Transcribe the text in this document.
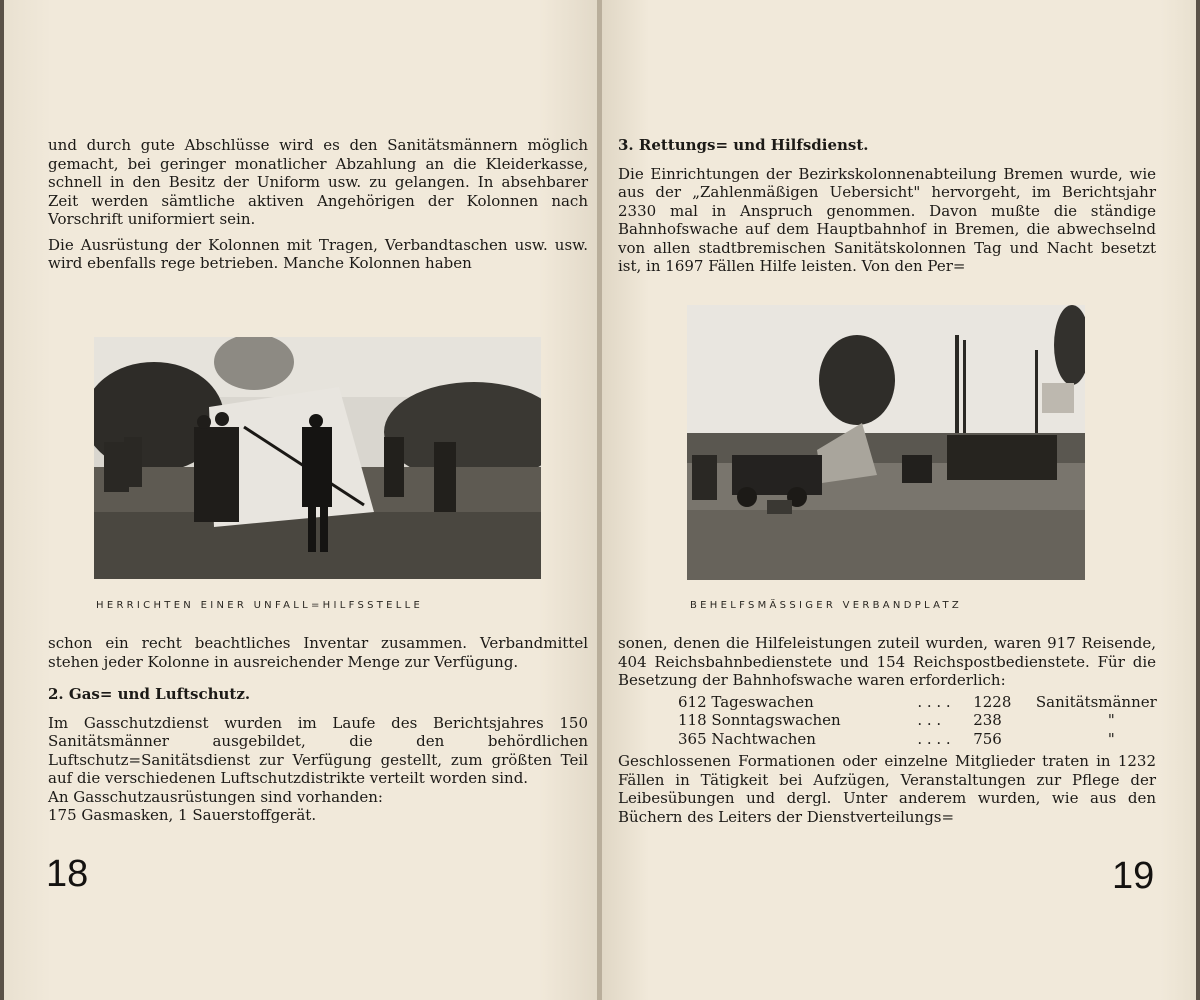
und durch gute Abschlüsse wird es den Sanitätsmännern möglich gemacht, bei geringer monatlicher Abzahlung an die Kleiderkasse, schnell in den Besitz der Uniform usw. zu gelangen. In absehbarer Zeit werden sämtliche aktiven Angehörigen der Kolonnen nach Vorschrift uniformiert sein.

Die Ausrüstung der Kolonnen mit Tragen, Verbandtaschen usw. usw. wird ebenfalls rege betrieben. Manche Kolonnen haben

HERRICHTEN EINER UNFALL=HILFSSTELLE

schon ein recht beachtliches Inventar zusammen. Verbandmittel stehen jeder Kolonne in ausreichender Menge zur Verfügung.

2. Gas= und Luftschutz.

Im Gasschutzdienst wurden im Laufe des Berichtsjahres 150 Sanitätsmänner ausgebildet, die den behördlichen Luftschutz=Sanitätsdienst zur Verfügung gestellt, zum größten Teil auf die verschiedenen Luftschutzdistrikte verteilt worden sind.

An Gasschutzausrüstungen sind vorhanden:

175 Gasmasken, 1 Sauerstoffgerät.

18

3. Rettungs= und Hilfsdienst.

Die Einrichtungen der Bezirkskolonnenabteilung Bremen wurde, wie aus der „Zahlenmäßigen Uebersicht" hervorgeht, im Berichtsjahr 2330 mal in Anspruch genommen. Davon mußte die ständige Bahnhofswache auf dem Hauptbahnhof in Bremen, die abwechselnd von allen stadtbremischen Sanitätskolonnen Tag und Nacht besetzt ist, in 1697 Fällen Hilfe leisten. Von den Per=

BEHELFSMÄSSIGER VERBANDPLATZ

sonen, denen die Hilfeleistungen zuteil wurden, waren 917 Reisende, 404 Reichsbahnbedienstete und 154 Reichspostbedienstete. Für die Besetzung der Bahnhofswache waren erforderlich:

612 Tageswachen	. . . .	1228	Sanitätsmänner
118 Sonntagswachen	. . .	238	"
365 Nachtwachen	. . . .	756	"

Geschlossenen Formationen oder einzelne Mitglieder traten in 1232 Fällen in Tätigkeit bei Aufzügen, Veranstaltungen zur Pflege der Leibesübungen und dergl. Unter anderem wurden, wie aus den Büchern des Leiters der Dienstverteilungs=

19
